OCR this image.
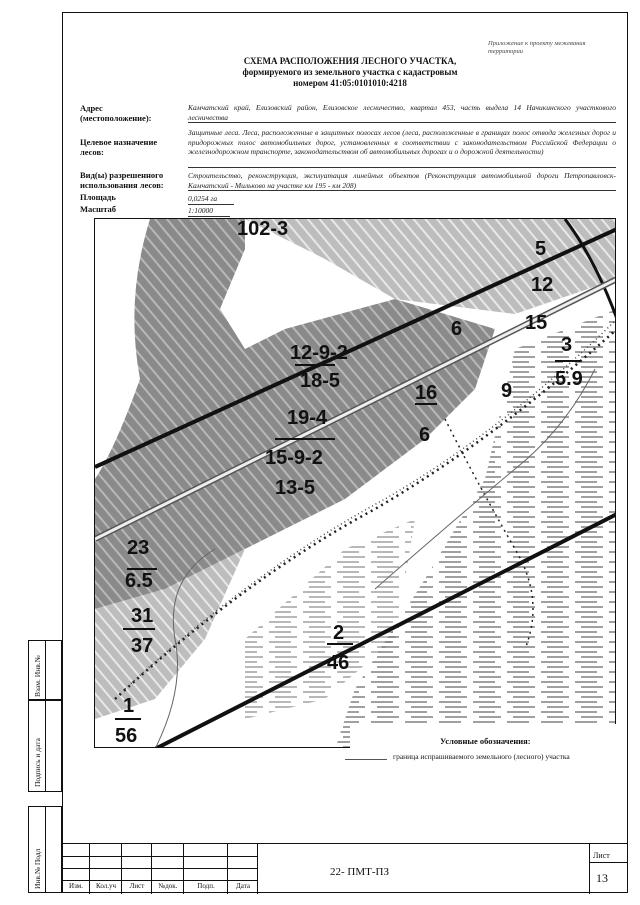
Приложение к проекту межевания территории
СХЕМА РАСПОЛОЖЕНИЯ ЛЕСНОГО УЧАСТКА,
формируемого из земельного участка с кадастровым
номером 41:05:0101010:4218
Адрес
(местоположение):
Камчатский край, Елизовский район, Елизовское лесничество, квартал 453, часть выдела 14 Начикинского участкового лесничества
Целевое назначение
лесов:
Защитные леса. Леса, расположенные в защитных полосах лесов (леса, расположенные в границах полос отвода железных дорог и придорожных полос автомобильных дорог, установленных в соответствии с законодательством Российской Федерации о железнодорожном транспорте, законодательством об автомобильных дорогах и о дорожной деятельности)
Вид(ы) разрешенного
использования лесов:
Строительство, реконструкция, эксплуатация линейных объектов (Реконструкция автомобильной дороги Петропавловск-Камчатский - Мильково на участке км 195 - км 208)
Площадь	0,0254 га
Масштаб	1:10000
12-9-2
18-5
19-4
15-9-2
13-5
23
6.5
31
37
2
46
1
56
16
6
9
5
12
15
3
5.9
6
102-3
Условные обозначения:
граница испрашиваемого земельного (лесного) участка
Взам. Инв.№
Подпись и дата
Инв.№ Подл	Изм.	Кол.уч	Лист	№док.	Подп.	Дата
22- ПМТ-ПЗ
Лист
13
